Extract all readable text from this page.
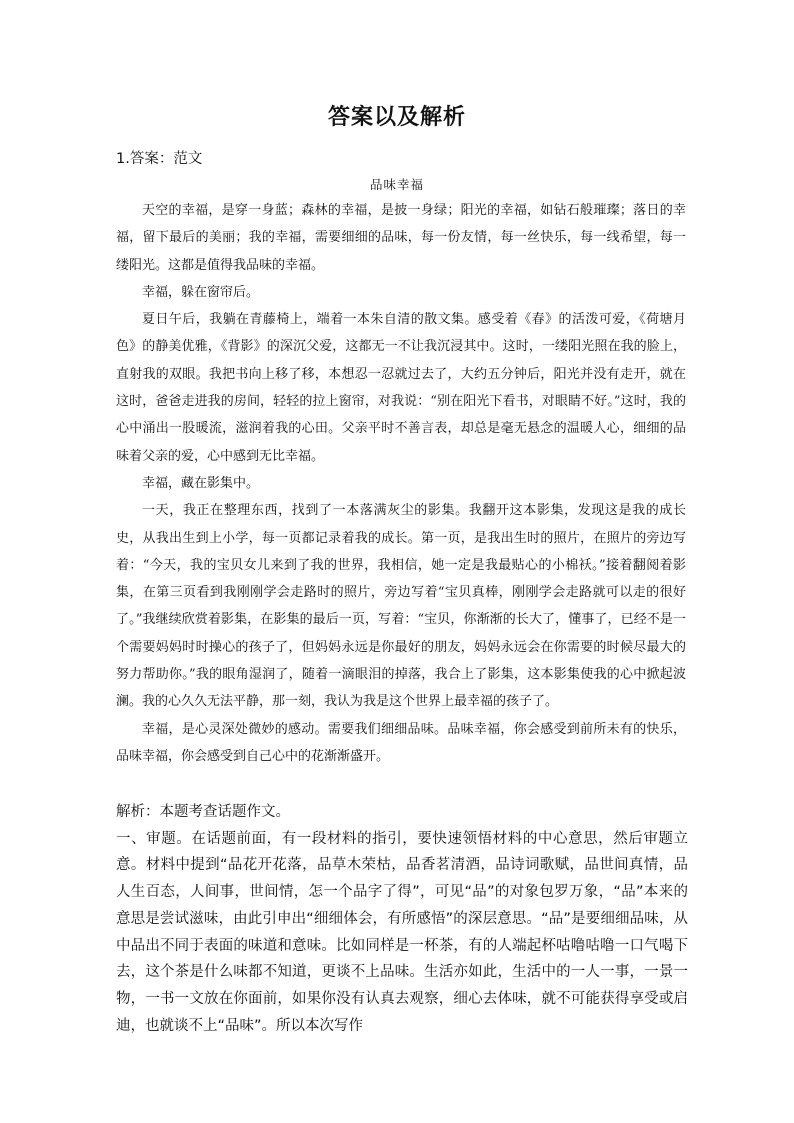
答案以及解析
1.答案：范文
品味幸福

天空的幸福，是穿一身蓝；森林的幸福，是披一身绿；阳光的幸福，如钻石般璀璨；落日的幸福，留下最后的美丽；我的幸福，需要细细的品味，每一份友情，每一丝快乐，每一线希望，每一缕阳光。这都是值得我品味的幸福。

幸福，躲在窗帘后。

夏日午后，我躺在青藤椅上，端着一本朱自清的散文集。感受着《春》的活泼可爱，《荷塘月色》的静美优雅，《背影》的深沉父爱，这都无一不让我沉浸其中。这时，一缕阳光照在我的脸上，直射我的双眼。我把书向上移了移，本想忍一忍就过去了，大约五分钟后，阳光并没有走开，就在这时，爸爸走进我的房间，轻轻的拉上窗帘，对我说：“别在阳光下看书，对眼睛不好。”这时，我的心中涌出一股暖流，滋润着我的心田。父亲平时不善言表，却总是毫无悬念的温暖人心，细细的品味着父亲的爱，心中感到无比幸福。

幸福，藏在影集中。

一天，我正在整理东西，找到了一本落满灰尘的影集。我翻开这本影集，发现这是我的成长史，从我出生到上小学，每一页都记录着我的成长。第一页，是我出生时的照片，在照片的旁边写着：“今天，我的宝贝女儿来到了我的世界，我相信，她一定是我最贴心的小棉袄。”接着翻阅着影集，在第三页看到我刚刚学会走路时的照片，旁边写着“宝贝真棒，刚刚学会走路就可以走的很好了。”我继续欣赏着影集，在影集的最后一页，写着：“宝贝，你渐渐的长大了，懂事了，已经不是一个需要妈妈时时操心的孩子了，但妈妈永远是你最好的朋友，妈妈永远会在你需要的时候尽最大的努力帮助你。”我的眼角湿润了，随着一滴眼泪的掉落，我合上了影集，这本影集使我的心中掀起波澜。我的心久久无法平静，那一刻，我认为我是这个世界上最幸福的孩子了。

幸福，是心灵深处微妙的感动。需要我们细细品味。品味幸福，你会感受到前所未有的快乐，品味幸福，你会感受到自己心中的花渐渐盛开。

解析：本题考查话题作文。

一、审题。在话题前面，有一段材料的指引，要快速领悟材料的中心意思，然后审题立意。材料中提到“品花开花落，品草木荣枯，品香茗清酒，品诗词歌赋，品世间真情，品人生百态，人间事，世间情，怎一个品字了得”，可见“品”的对象包罗万象，“品”本来的意思是尝试滋味，由此引申出“细细体会，有所感悟”的深层意思。“品”是要细细品味，从中品出不同于表面的味道和意味。比如同样是一杯茶，有的人端起杯咕噜咕噜一口气喝下去，这个茶是什么味都不知道，更谈不上品味。生活亦如此，生活中的一人一事，一景一物，一书一文放在你面前，如果你没有认真去观察，细心去体味，就不可能获得享受或启迪，也就谈不上“品味”。所以本次写作
